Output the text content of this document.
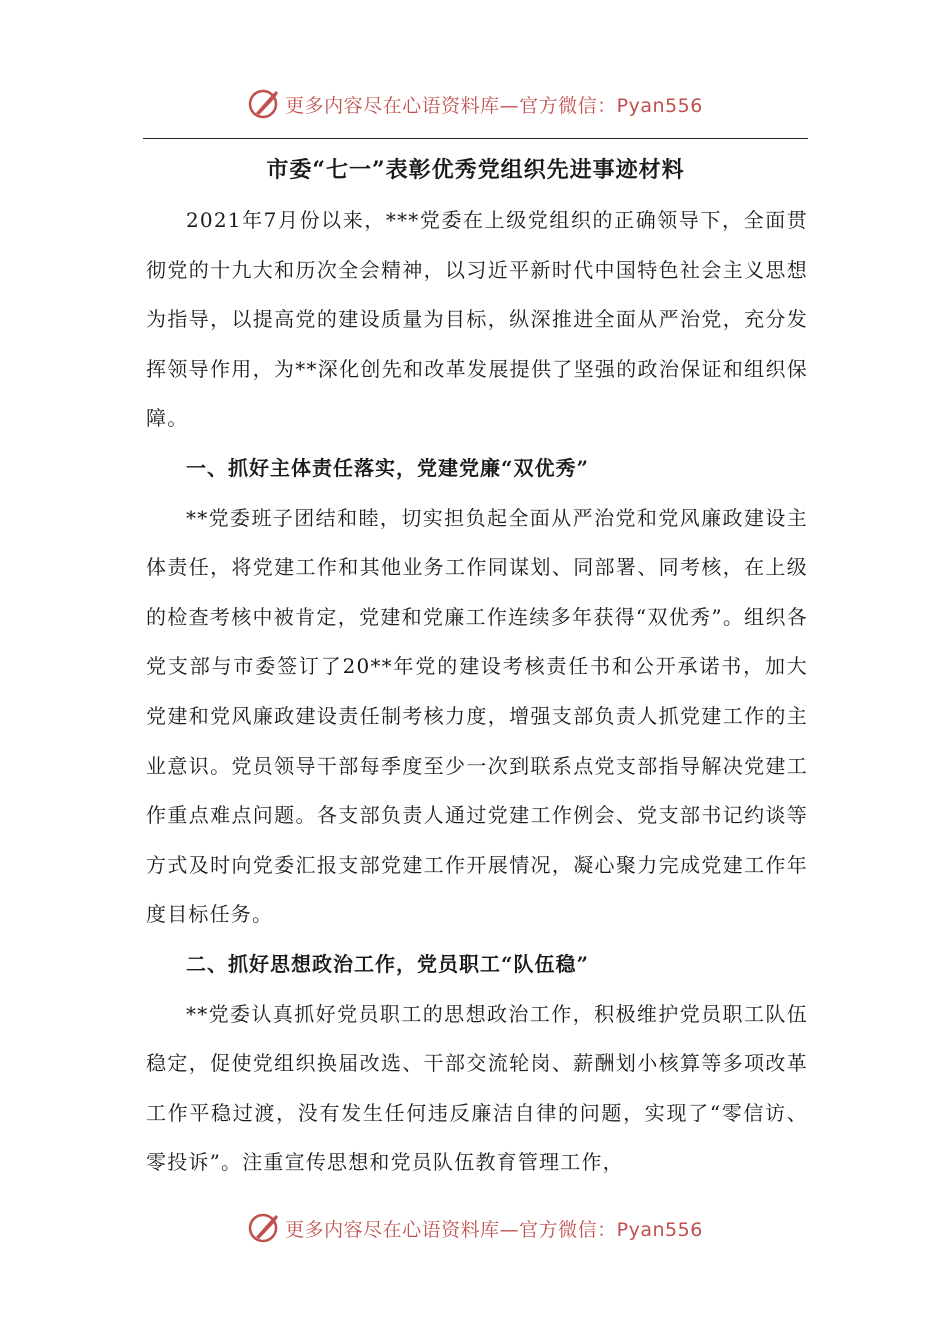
更多内容尽在心语资料库—官方微信：Pyan556
市委“七一”表彰优秀党组织先进事迹材料

2021年7月份以来，***党委在上级党组织的正确领导下，全面贯彻党的十九大和历次全会精神，以习近平新时代中国特色社会主义思想为指导，以提高党的建设质量为目标，纵深推进全面从严治党，充分发挥领导作用，为**深化创先和改革发展提供了坚强的政治保证和组织保障。

一、抓好主体责任落实，党建党廉“双优秀”

**党委班子团结和睦，切实担负起全面从严治党和党风廉政建设主体责任，将党建工作和其他业务工作同谋划、同部署、同考核，在上级的检查考核中被肯定，党建和党廉工作连续多年获得“双优秀”。组织各党支部与市委签订了20**年党的建设考核责任书和公开承诺书，加大党建和党风廉政建设责任制考核力度，增强支部负责人抓党建工作的主业意识。党员领导干部每季度至少一次到联系点党支部指导解决党建工作重点难点问题。各支部负责人通过党建工作例会、党支部书记约谈等方式及时向党委汇报支部党建工作开展情况，凝心聚力完成党建工作年度目标任务。

二、抓好思想政治工作，党员职工“队伍稳”

**党委认真抓好党员职工的思想政治工作，积极维护党员职工队伍稳定，促使党组织换届改选、干部交流轮岗、薪酬划小核算等多项改革工作平稳过渡，没有发生任何违反廉洁自律的问题，实现了“零信访、零投诉”。注重宣传思想和党员队伍教育管理工作，

更多内容尽在心语资料库—官方微信：Pyan556
